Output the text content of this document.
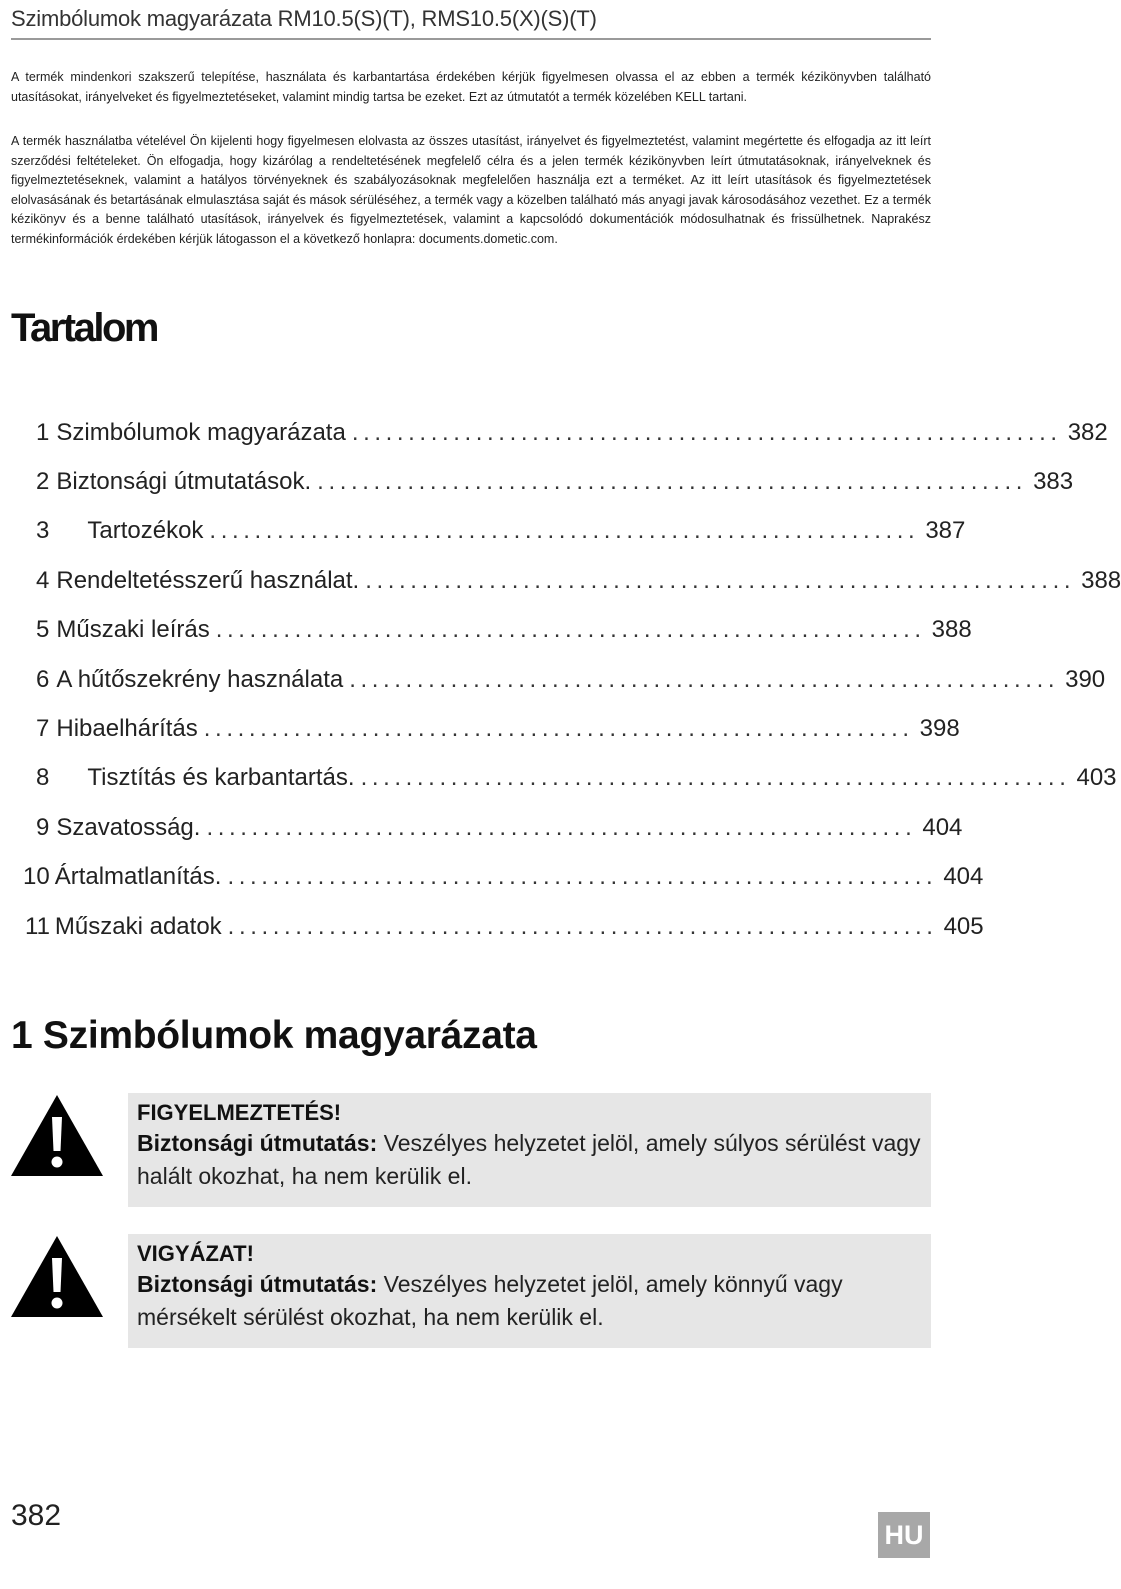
Szimbólumok magyarázata RM10.5(S)(T), RMS10.5(X)(S)(T)

A termék mindenkori szakszerű telepítése, használata és karbantartása érdekében kérjük figyelmesen olvassa el az ebben a termék kézikönyvben található utasításokat, irányelveket és figyelmeztetéseket, valamint mindig tartsa be ezeket. Ezt az útmutatót a termék közelében KELL tartani.

A termék használatba vételével Ön kijelenti hogy figyelmesen elolvasta az összes utasítást, irányelvet és figyelmeztetést, valamint megértette és elfogadja az itt leírt szerződési feltételeket. Ön elfogadja, hogy kizárólag a rendeltetésének megfelelő célra és a jelen termék kézikönyvben leírt útmutatásoknak, irányelveknek és figyelmeztetéseknek, valamint a hatályos törvényeknek és szabályozásoknak megfelelően használja ezt a terméket. Az itt leírt utasítások és figyelmeztetések elolvasásának és betartásának elmulasztása saját és mások sérüléséhez, a termék vagy a közelben található más anyagi javak károsodásához vezethet. Ez a termék kézikönyv és a benne található utasítások, irányelvek és figyelmeztetések, valamint a kapcsolódó dokumentációk módosulhatnak és frissülhetnek. Naprakész termékinformációk érdekében kérjük látogasson el a következő honlapra: documents.dometic.com.

Tartalom
1 Szimbólumok magyarázata ............................................................... 382
2 Biztonsági útmutatások. ............................................................... 383
3 Tartozékok ............................................................... 387
4 Rendeltetésszerű használat. ............................................................... 388
5 Műszaki leírás ............................................................... 388
6 A hűtőszekrény használata ............................................................... 390
7 Hibaelhárítás ............................................................... 398
8 Tisztítás és karbantartás. ............................................................... 403
9 Szavatosság. ............................................................... 404
10 Ártalmatlanítás. ............................................................... 404
11 Műszaki adatok ............................................................... 405
1 Szimbólumok magyarázata
FIGYELMEZTETÉS!
Biztonsági útmutatás: Veszélyes helyzetet jelöl, amely súlyos sérülést vagy halált okozhat, ha nem kerülik el.
VIGYÁZAT!
Biztonsági útmutatás: Veszélyes helyzetet jelöl, amely könnyű vagy mérsékelt sérülést okozhat, ha nem kerülik el.
382
HU
